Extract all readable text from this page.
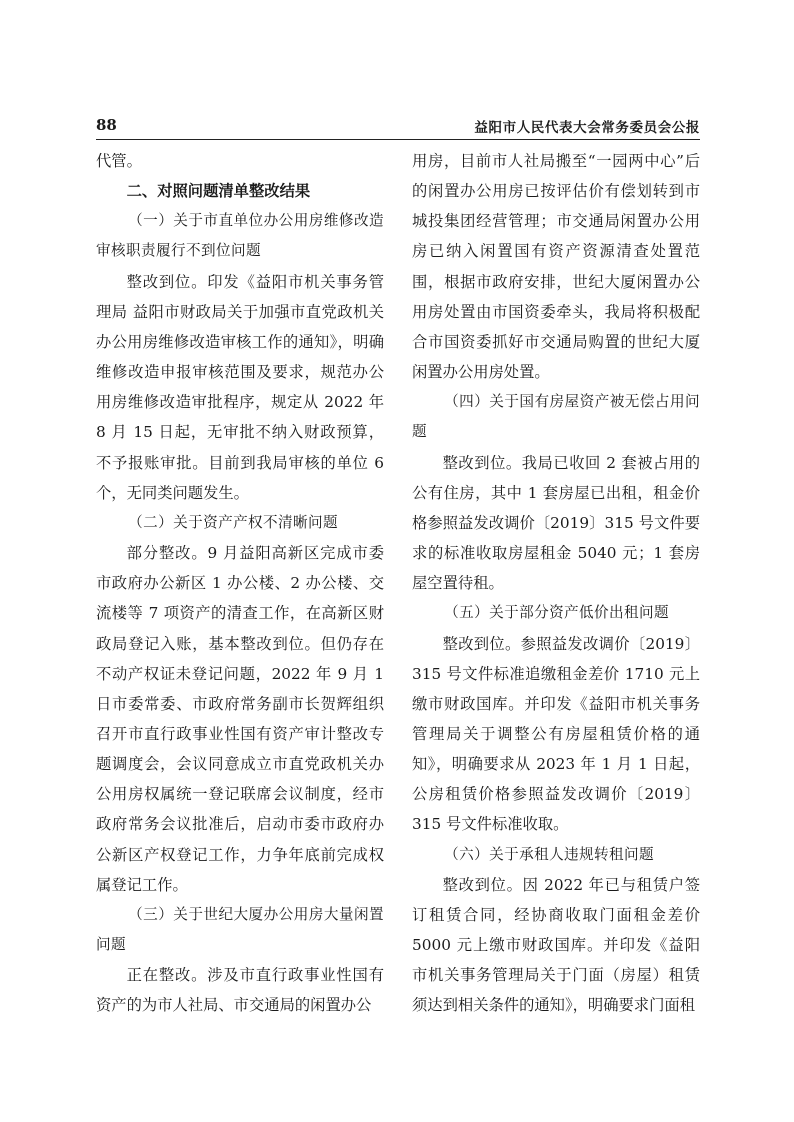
88	益阳市人民代表大会常务委员会公报

代管。

二、对照问题清单整改结果

（一）关于市直单位办公用房维修改造审核职责履行不到位问题

整改到位。印发《益阳市机关事务管理局 益阳市财政局关于加强市直党政机关办公用房维修改造审核工作的通知》，明确维修改造申报审核范围及要求，规范办公用房维修改造审批程序，规定从 2022 年 8 月 15 日起，无审批不纳入财政预算，不予报账审批。目前到我局审核的单位 6 个，无同类问题发生。

（二）关于资产产权不清晰问题

部分整改。9 月益阳高新区完成市委市政府办公新区 1 办公楼、2 办公楼、交流楼等 7 项资产的清查工作，在高新区财政局登记入账，基本整改到位。但仍存在不动产权证未登记问题，2022 年 9 月 1 日市委常委、市政府常务副市长贺辉组织召开市直行政事业性国有资产审计整改专题调度会，会议同意成立市直党政机关办公用房权属统一登记联席会议制度，经市政府常务会议批准后，启动市委市政府办公新区产权登记工作，力争年底前完成权属登记工作。

（三）关于世纪大厦办公用房大量闲置问题

正在整改。涉及市直行政事业性国有资产的为市人社局、市交通局的闲置办公

用房，目前市人社局搬至“一园两中心”后的闲置办公用房已按评估价有偿划转到市城投集团经营管理；市交通局闲置办公用房已纳入闲置国有资产资源清查处置范围，根据市政府安排，世纪大厦闲置办公用房处置由市国资委牵头，我局将积极配合市国资委抓好市交通局购置的世纪大厦闲置办公用房处置。

（四）关于国有房屋资产被无偿占用问题

整改到位。我局已收回 2 套被占用的公有住房，其中 1 套房屋已出租，租金价格参照益发改调价〔2019〕315 号文件要求的标准收取房屋租金 5040 元；1 套房屋空置待租。

（五）关于部分资产低价出租问题

整改到位。参照益发改调价〔2019〕315 号文件标准追缴租金差价 1710 元上缴市财政国库。并印发《益阳市机关事务管理局关于调整公有房屋租赁价格的通知》，明确要求从 2023 年 1 月 1 日起，公房租赁价格参照益发改调价〔2019〕315 号文件标准收取。

（六）关于承租人违规转租问题

整改到位。因 2022 年已与租赁户签订租赁合同，经协商收取门面租金差价 5000 元上缴市财政国库。并印发《益阳市机关事务管理局关于门面（房屋）租赁须达到相关条件的通知》，明确要求门面租
